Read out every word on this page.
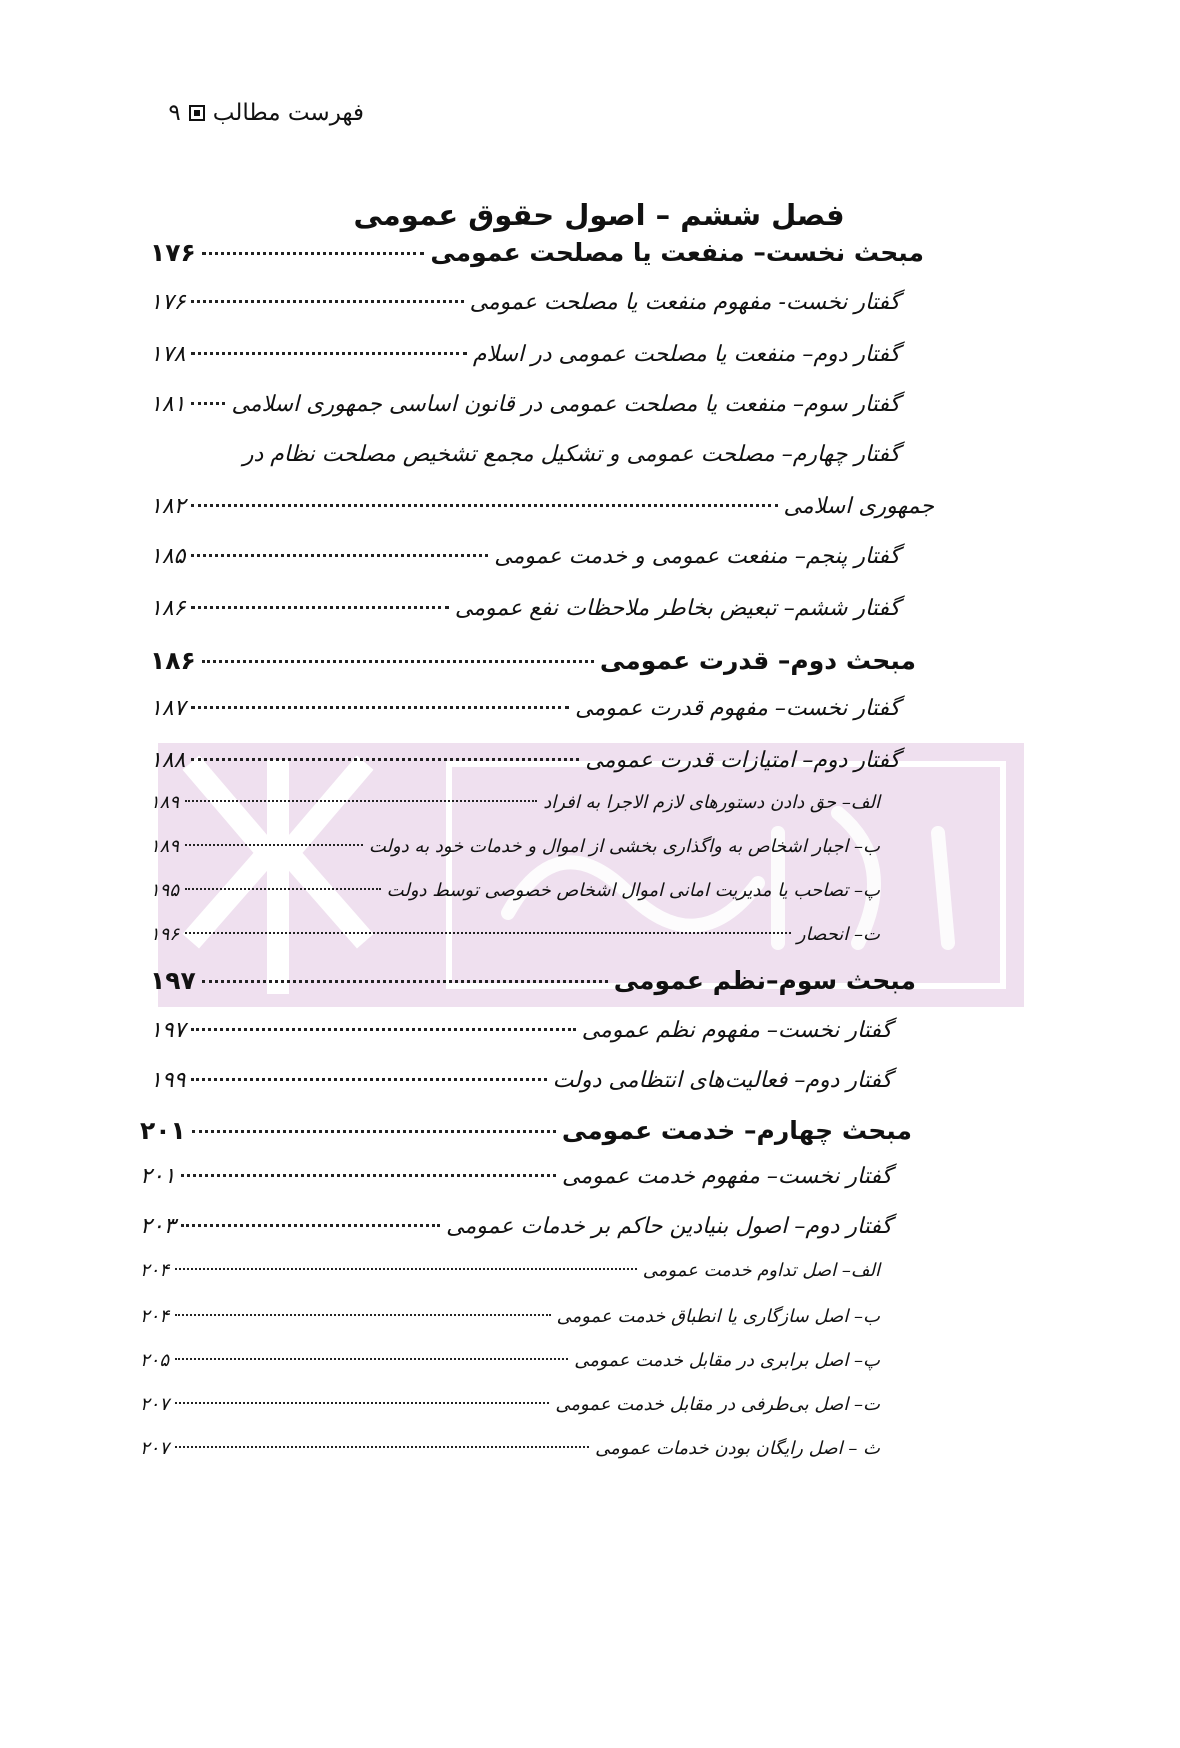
فهرست مطالب
۹
فصل ششم – اصول حقوق عمومی
مبحث نخست– منفعت یا مصلحت عمومی
۱۷۶
گفتار نخست- مفهوم منفعت یا مصلحت عمومی
۱۷۶
گفتار دوم– منفعت یا مصلحت عمومی در اسلام
۱۷۸
گفتار سوم– منفعت یا مصلحت عمومی در قانون اساسی جمهوری اسلامی
۱۸۱
گفتار چهارم– مصلحت عمومی و تشکیل مجمع تشخیص مصلحت نظام در
جمهوری اسلامی
۱۸۲
گفتار پنجم– منفعت عمومی و خدمت عمومی
۱۸۵
گفتار ششم– تبعیض بخاطر ملاحظات نفع عمومی
۱۸۶
مبحث دوم– قدرت عمومی
۱۸۶
گفتار نخست– مفهوم قدرت عمومی
۱۸۷
گفتار دوم– امتیازات قدرت عمومی
۱۸۸
الف– حق دادن دستورهای لازم الاجرا به افراد
۱۸۹
ب– اجبار اشخاص به واگذاری بخشی از اموال و خدمات خود به دولت
۱۸۹
پ– تصاحب یا مدیریت امانی اموال اشخاص خصوصی توسط دولت
۱۹۵
ت– انحصار
۱۹۶
مبحث سوم–نظم عمومی
۱۹۷
گفتار نخست– مفهوم نظم عمومی
۱۹۷
گفتار دوم– فعالیت‌های انتظامی دولت
۱۹۹
مبحث چهارم– خدمت عمومی
۲۰۱
گفتار نخست– مفهوم خدمت عمومی
۲۰۱
گفتار دوم– اصول بنیادین حاکم بر خدمات عمومی
۲۰۳
الف– اصل تداوم خدمت عمومی
۲۰۴
ب– اصل سازگاری یا انطباق خدمت عمومی
۲۰۴
پ– اصل برابری در مقابل خدمت عمومی
۲۰۵
ت– اصل بی‌طرفی در مقابل خدمت عمومی
۲۰۷
ث – اصل رایگان بودن خدمات عمومی
۲۰۷
